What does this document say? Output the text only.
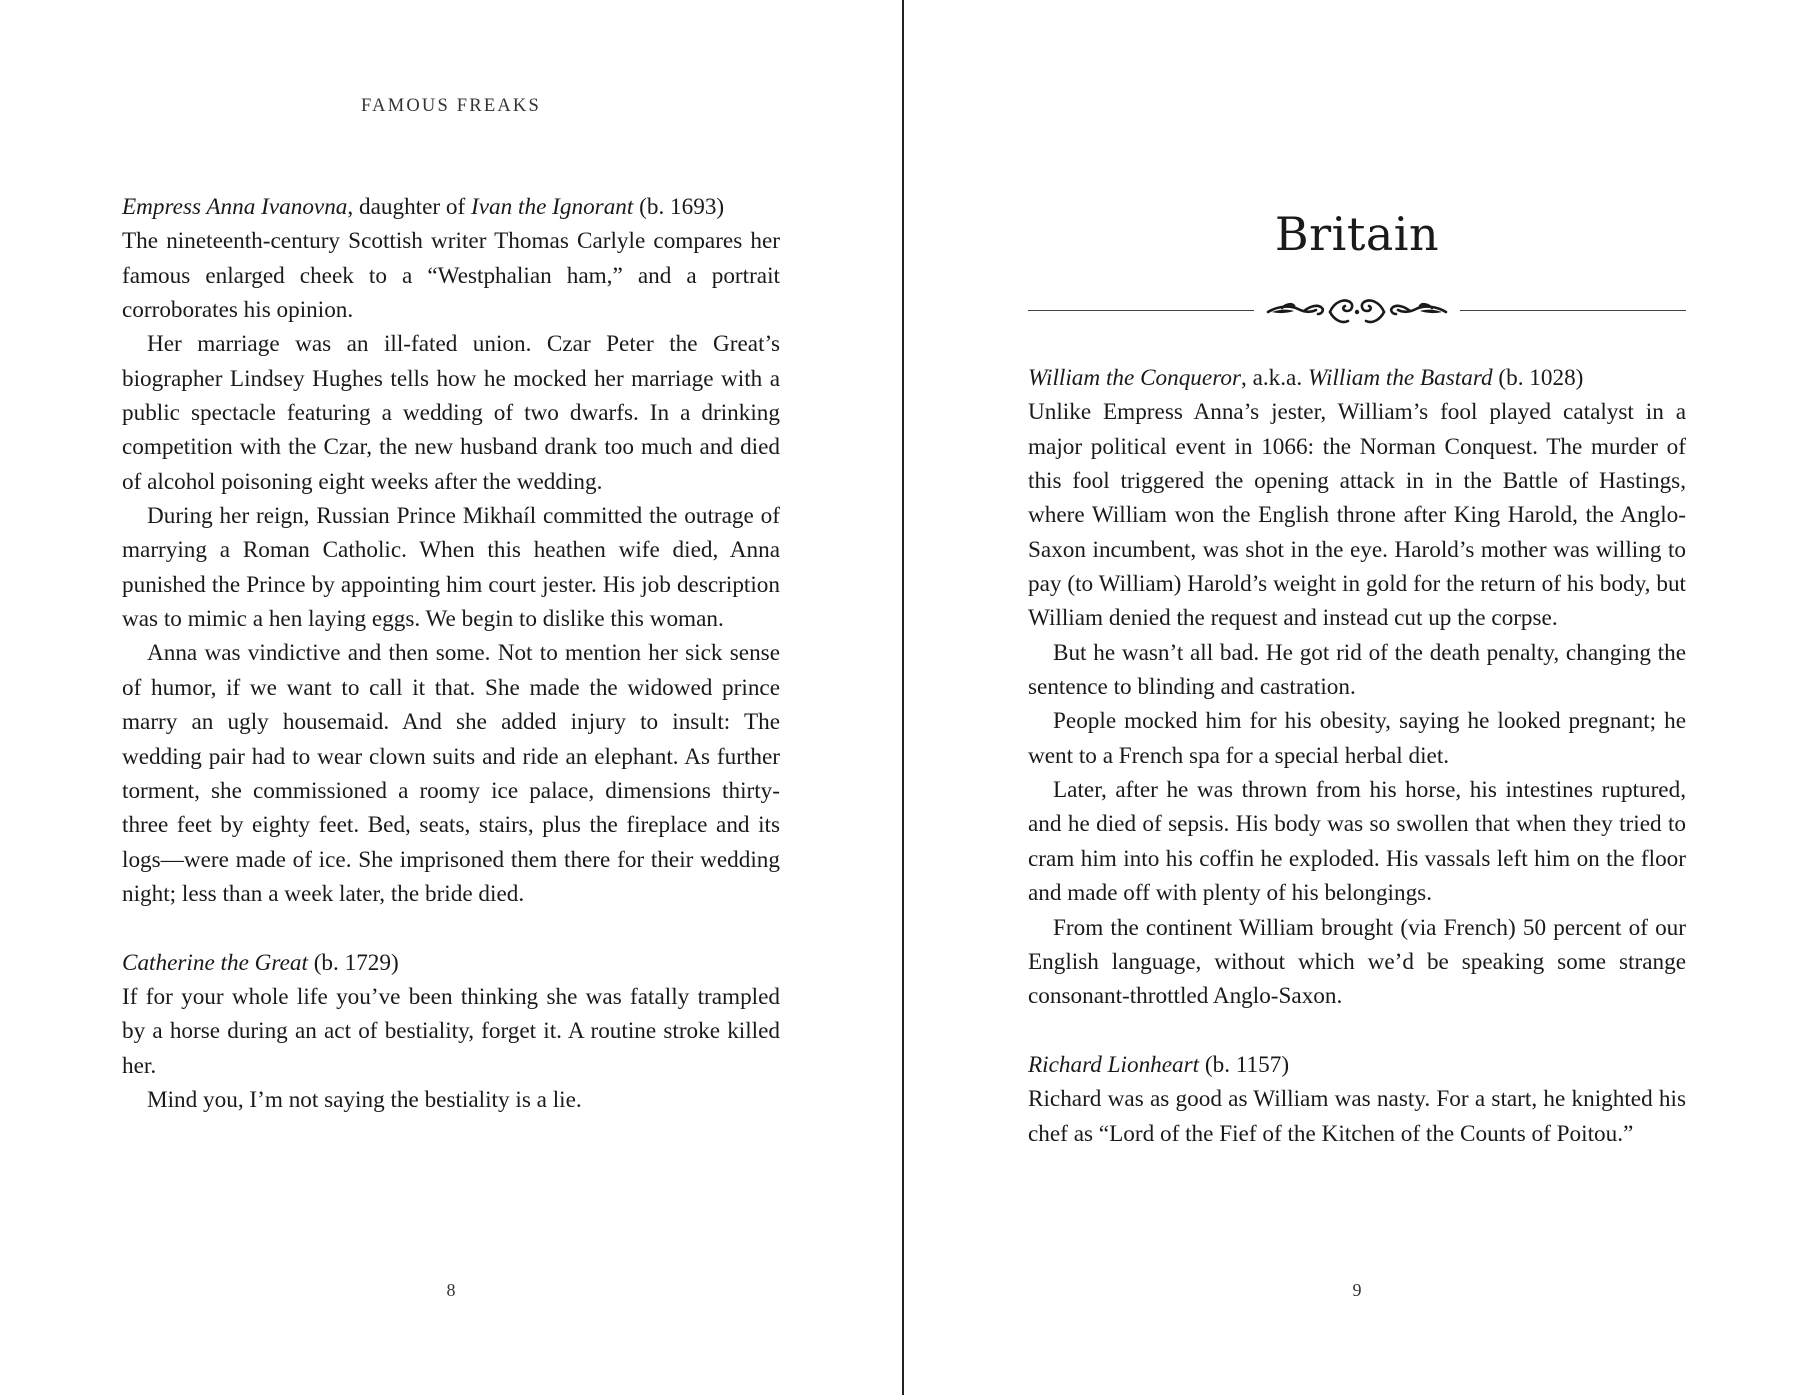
FAMOUS FREAKS
Empress Anna Ivanovna, daughter of Ivan the Ignorant (b. 1693)

The nineteenth-century Scottish writer Thomas Carlyle compares her famous enlarged cheek to a “Westphalian ham,” and a portrait corroborates his opinion.

Her marriage was an ill-fated union. Czar Peter the Great’s biographer Lindsey Hughes tells how he mocked her marriage with a public spectacle featuring a wedding of two dwarfs. In a drinking competition with the Czar, the new husband drank too much and died of alcohol poisoning eight weeks after the wedding.

During her reign, Russian Prince Mikhaíl committed the outrage of marrying a Roman Catholic. When this heathen wife died, Anna punished the Prince by appointing him court jester. His job description was to mimic a hen laying eggs. We begin to dislike this woman.

Anna was vindictive and then some. Not to mention her sick sense of humor, if we want to call it that. She made the widowed prince marry an ugly housemaid. And she added injury to insult: The wedding pair had to wear clown suits and ride an elephant. As further torment, she commissioned a roomy ice palace, dimensions thirty-three feet by eighty feet. Bed, seats, stairs, plus the fireplace and its logs—were made of ice. She imprisoned them there for their wedding night; less than a week later, the bride died.

Catherine the Great (b. 1729)

If for your whole life you’ve been thinking she was fatally trampled by a horse during an act of bestiality, forget it. A routine stroke killed her.

Mind you, I’m not saying the bestiality is a lie.

8
Britain
William the Conqueror, a.k.a. William the Bastard (b. 1028)

Unlike Empress Anna’s jester, William’s fool played catalyst in a major political event in 1066: the Norman Conquest. The murder of this fool triggered the opening attack in in the Battle of Hastings, where William won the English throne after King Harold, the Anglo-Saxon incumbent, was shot in the eye. Harold’s mother was willing to pay (to William) Harold’s weight in gold for the return of his body, but William denied the request and instead cut up the corpse.

But he wasn’t all bad. He got rid of the death penalty, changing the sentence to blinding and castration.

People mocked him for his obesity, saying he looked pregnant; he went to a French spa for a special herbal diet.

Later, after he was thrown from his horse, his intestines ruptured, and he died of sepsis. His body was so swollen that when they tried to cram him into his coffin he exploded. His vassals left him on the floor and made off with plenty of his belongings.

From the continent William brought (via French) 50 percent of our English language, without which we’d be speaking some strange consonant-throttled Anglo-Saxon.

Richard Lionheart (b. 1157)

Richard was as good as William was nasty. For a start, he knighted his chef as “Lord of the Fief of the Kitchen of the Counts of Poitou.”

9
